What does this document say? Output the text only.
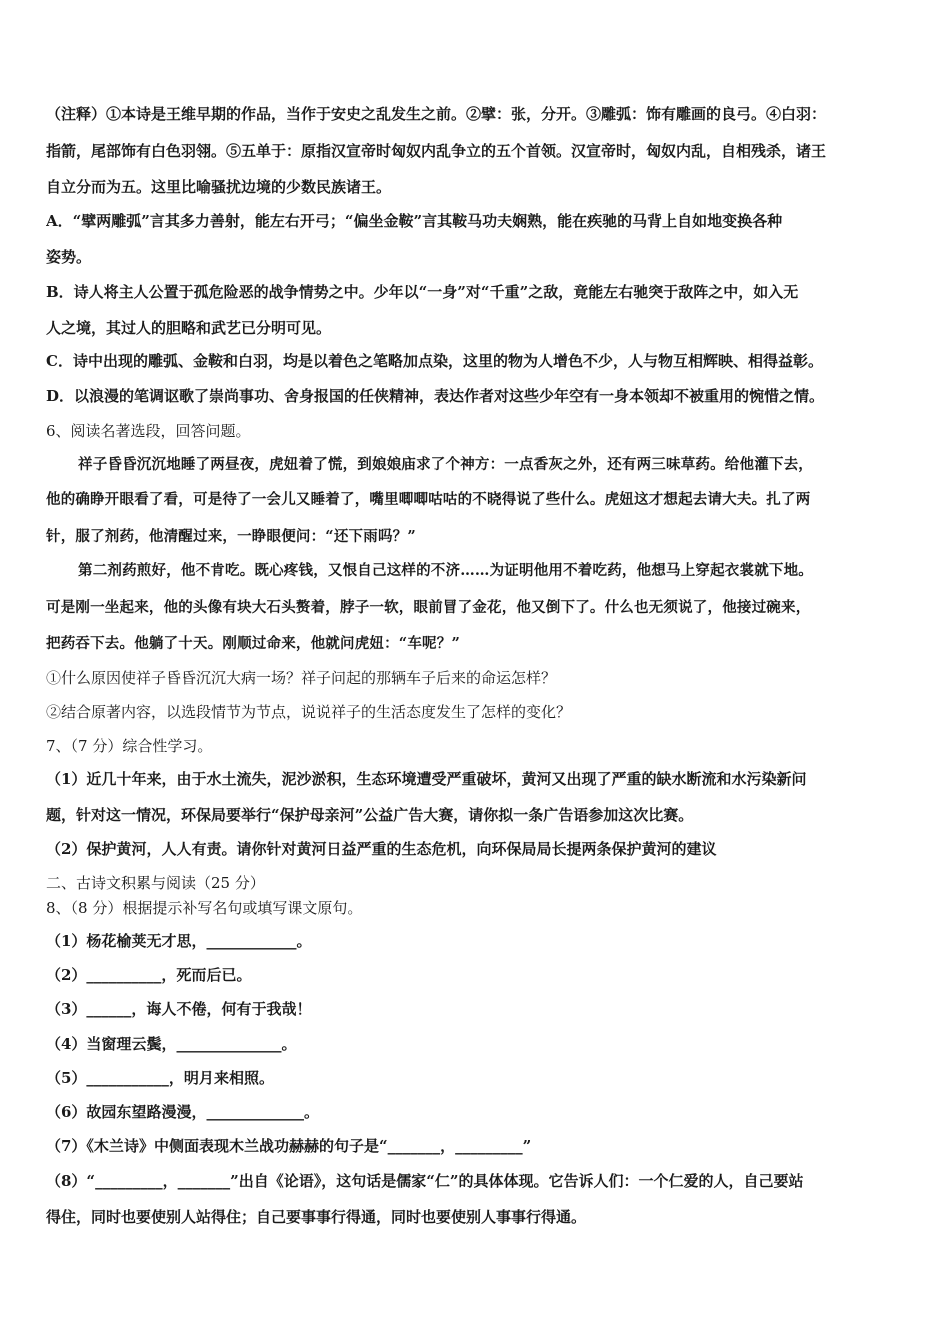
（注释）①本诗是王维早期的作品，当作于安史之乱发生之前。②擘：张，分开。③雕弧：饰有雕画的良弓。④白羽：
指箭，尾部饰有白色羽翎。⑤五单于：原指汉宣帝时匈奴内乱争立的五个首领。汉宣帝时，匈奴内乱，自相残杀，诸王
自立分而为五。这里比喻骚扰边境的少数民族诸王。
A．“擘两雕弧”言其多力善射，能左右开弓；“偏坐金鞍”言其鞍马功夫娴熟，能在疾驰的马背上自如地变换各种
姿势。
B．诗人将主人公置于孤危险恶的战争情势之中。少年以“一身”对“千重”之敌，竟能左右驰突于敌阵之中，如入无
人之境，其过人的胆略和武艺已分明可见。
C．诗中出现的雕弧、金鞍和白羽，均是以着色之笔略加点染，这里的物为人增色不少，人与物互相辉映、相得益彰。
D．以浪漫的笔调讴歌了崇尚事功、舍身报国的任侠精神，表达作者对这些少年空有一身本领却不被重用的惋惜之情。
6、阅读名著选段，回答问题。
祥子昏昏沉沉地睡了两昼夜，虎妞着了慌，到娘娘庙求了个神方：一点香灰之外，还有两三味草药。给他灌下去，
他的确睁开眼看了看，可是待了一会儿又睡着了，嘴里唧唧咕咕的不晓得说了些什么。虎妞这才想起去请大夫。扎了两
针，服了剂药，他清醒过来，一睁眼便问：“还下雨吗？”
第二剂药煎好，他不肯吃。既心疼钱，又恨自己这样的不济……为证明他用不着吃药，他想马上穿起衣裳就下地。
可是刚一坐起来，他的头像有块大石头赘着，脖子一软，眼前冒了金花，他又倒下了。什么也无须说了，他接过碗来，
把药吞下去。他躺了十天。刚顺过命来，他就问虎妞：“车呢？”
①什么原因使祥子昏昏沉沉大病一场？祥子问起的那辆车子后来的命运怎样？
②结合原著内容，以选段情节为节点，说说祥子的生活态度发生了怎样的变化？
7、（7 分）综合性学习。
（1）近几十年来，由于水土流失，泥沙淤积，生态环境遭受严重破坏，黄河又出现了严重的缺水断流和水污染新问
题，针对这一情况，环保局要举行“保护母亲河”公益广告大赛，请你拟一条广告语参加这次比赛。
（2）保护黄河，人人有责。请你针对黄河日益严重的生态危机，向环保局局长提两条保护黄河的建议
二、古诗文积累与阅读（25 分）
8、（8 分）根据提示补写名句或填写课文原句。
（1）杨花榆荚无才思，____________。
（2）__________，死而后已。
（3）______，诲人不倦，何有于我哉！
（4）当窗理云鬓，______________。
（5）___________，明月来相照。
（6）故园东望路漫漫，_____________。
（7）《木兰诗》中侧面表现木兰战功赫赫的句子是“_______，_________”
（8）“_________，_______”出自《论语》，这句话是儒家“仁”的具体体现。它告诉人们：一个仁爱的人，自己要站
得住，同时也要使别人站得住；自己要事事行得通，同时也要使别人事事行得通。
